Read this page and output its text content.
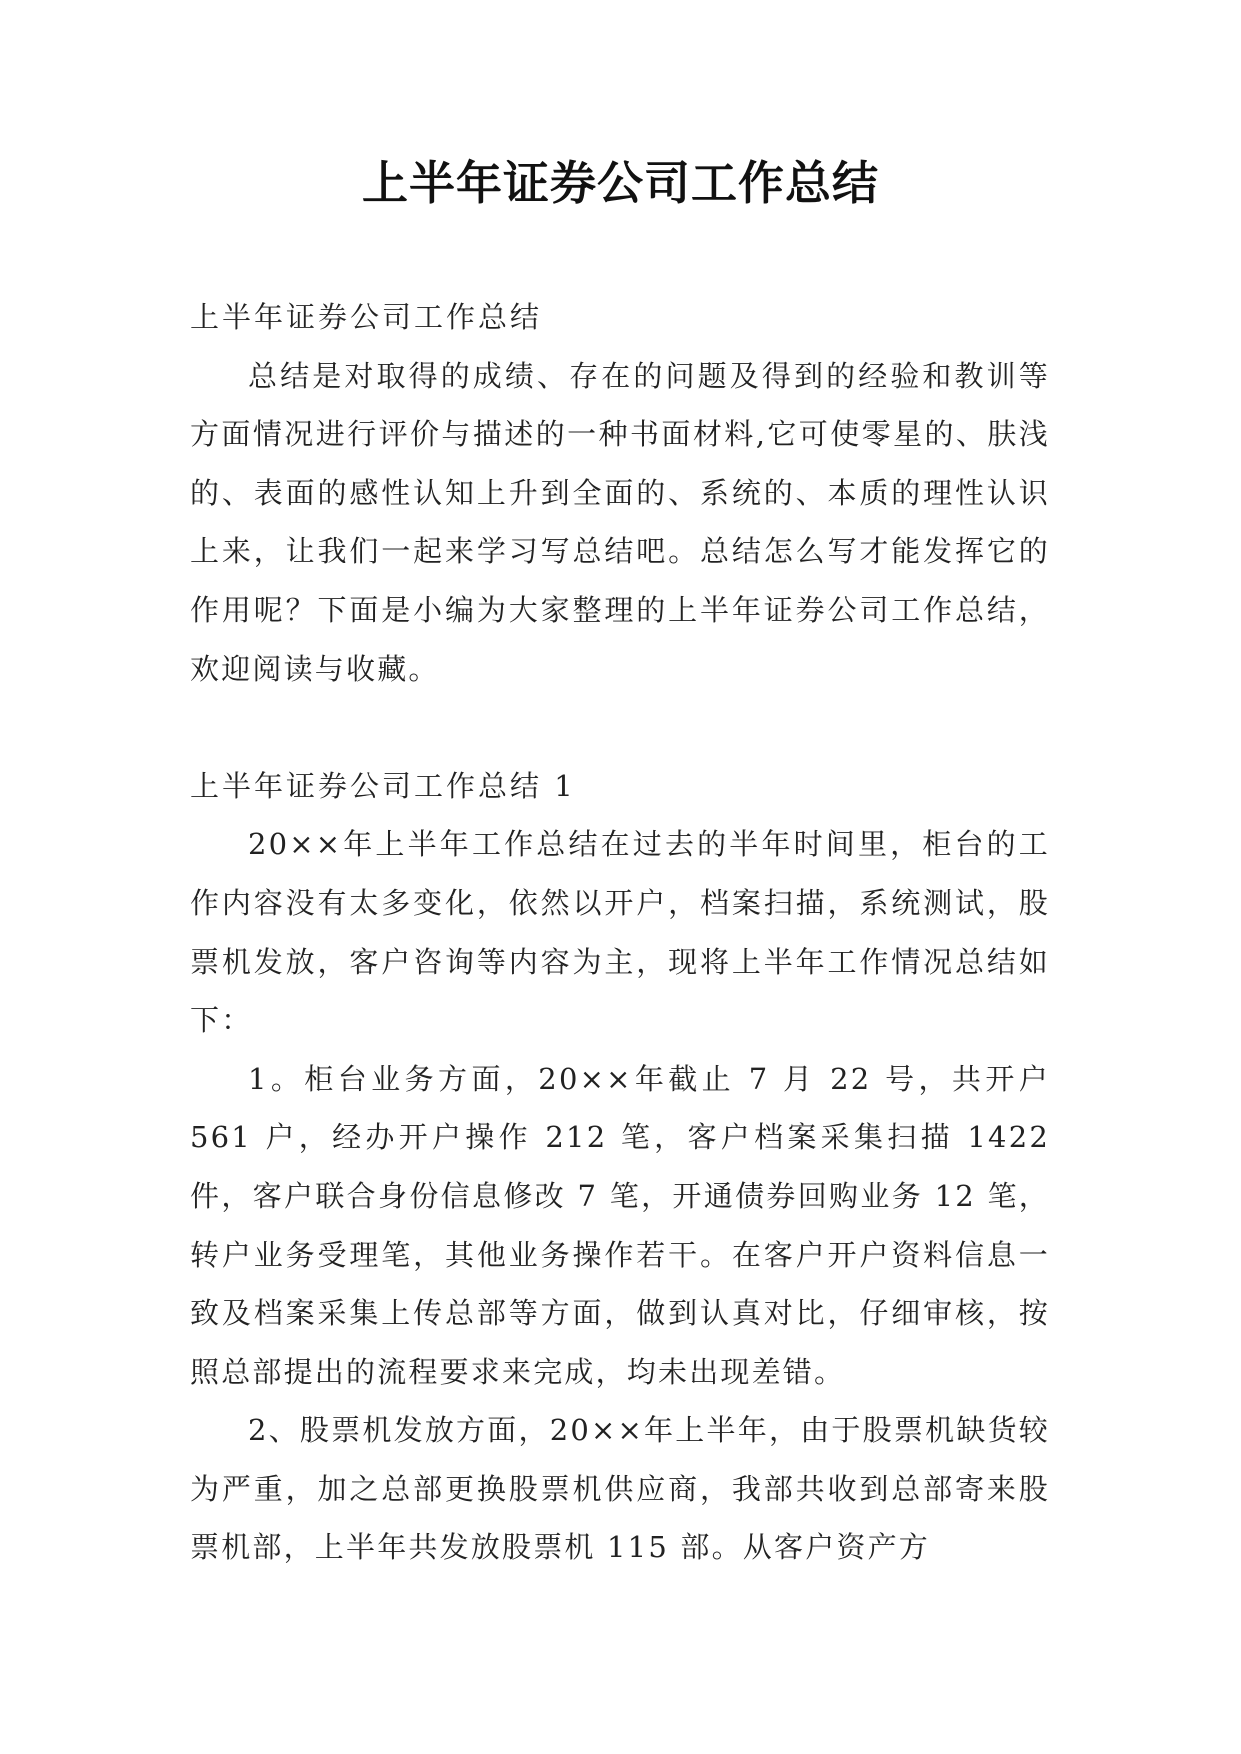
上半年证券公司工作总结

上半年证券公司工作总结

总结是对取得的成绩、存在的问题及得到的经验和教训等方面情况进行评价与描述的一种书面材料,它可使零星的、肤浅的、表面的感性认知上升到全面的、系统的、本质的理性认识上来，让我们一起来学习写总结吧。总结怎么写才能发挥它的作用呢？下面是小编为大家整理的上半年证券公司工作总结，欢迎阅读与收藏。

上半年证券公司工作总结 1

20××年上半年工作总结在过去的半年时间里，柜台的工作内容没有太多变化，依然以开户，档案扫描，系统测试，股票机发放，客户咨询等内容为主，现将上半年工作情况总结如下：

1。柜台业务方面，20××年截止 7 月 22 号，共开户 561 户，经办开户操作 212 笔，客户档案采集扫描 1422 件，客户联合身份信息修改 7 笔，开通债券回购业务 12 笔，转户业务受理笔，其他业务操作若干。在客户开户资料信息一致及档案采集上传总部等方面，做到认真对比，仔细审核，按照总部提出的流程要求来完成，均未出现差错。

2、股票机发放方面，20××年上半年，由于股票机缺货较为严重，加之总部更换股票机供应商，我部共收到总部寄来股票机部，上半年共发放股票机 115 部。从客户资产方
